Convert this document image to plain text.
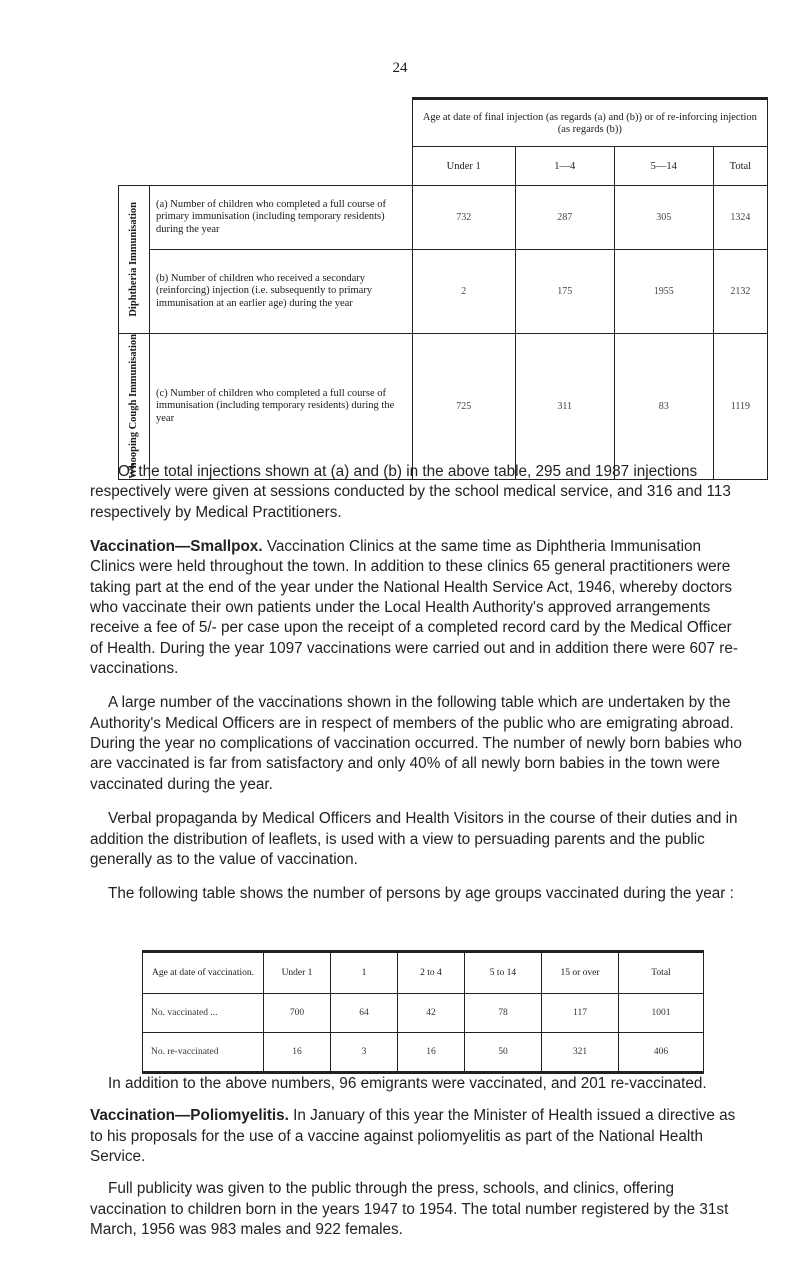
24
		Age at date of final injection (as regards (a) and (b)) or of re-inforcing injection (as regards (b))			
		Under 1	1—4	5—14	Total

Diphtheria Immunisation	(a) Number of children who completed a full course of primary immunisation (including temporary residents) during the year	732	287	305	1324
	(b) Number of children who received a secondary (reinforcing) injection (i.e. subsequently to primary immunisation at an earlier age) during the year	2	175	1955	2132

Whooping Cough Immunisation	(c) Number of children who completed a full course of immunisation (including temporary residents) during the year	725	311	83	1119

Of the total injections shown at (a) and (b) in the above table, 295 and 1987 injections respectively were given at sessions conducted by the school medical service, and 316 and 113 respectively by Medical Practitioners.

Vaccination—Smallpox. Vaccination Clinics at the same time as Diphtheria Immunisation Clinics were held throughout the town. In addition to these clinics 65 general practitioners were taking part at the end of the year under the National Health Service Act, 1946, whereby doctors who vaccinate their own patients under the Local Health Authority's approved arrangements receive a fee of 5/- per case upon the receipt of a completed record card by the Medical Officer of Health. During the year 1097 vaccinations were carried out and in addition there were 607 re-vaccinations.

A large number of the vaccinations shown in the following table which are undertaken by the Authority's Medical Officers are in respect of members of the public who are emigrating abroad. During the year no complications of vaccination occurred. The number of newly born babies who are vaccinated is far from satisfactory and only 40% of all newly born babies in the town were vaccinated during the year.

Verbal propaganda by Medical Officers and Health Visitors in the course of their duties and in addition the distribution of leaflets, is used with a view to persuading parents and the public generally as to the value of vaccination.

The following table shows the number of persons by age groups vaccinated during the year :

Age at date of vaccination.	Under 1	1	2 to 4	5 to 14	15 or over	Total
No. vaccinated ...	700	64	42	78	117	1001
No. re-vaccinated	16	3	16	50	321	406

In addition to the above numbers, 96 emigrants were vaccinated, and 201 re-vaccinated.

Vaccination—Poliomyelitis. In January of this year the Minister of Health issued a directive as to his proposals for the use of a vaccine against poliomyelitis as part of the National Health Service.

Full publicity was given to the public through the press, schools, and clinics, offering vaccination to children born in the years 1947 to 1954. The total number registered by the 31st March, 1956 was 983 males and 922 females.
